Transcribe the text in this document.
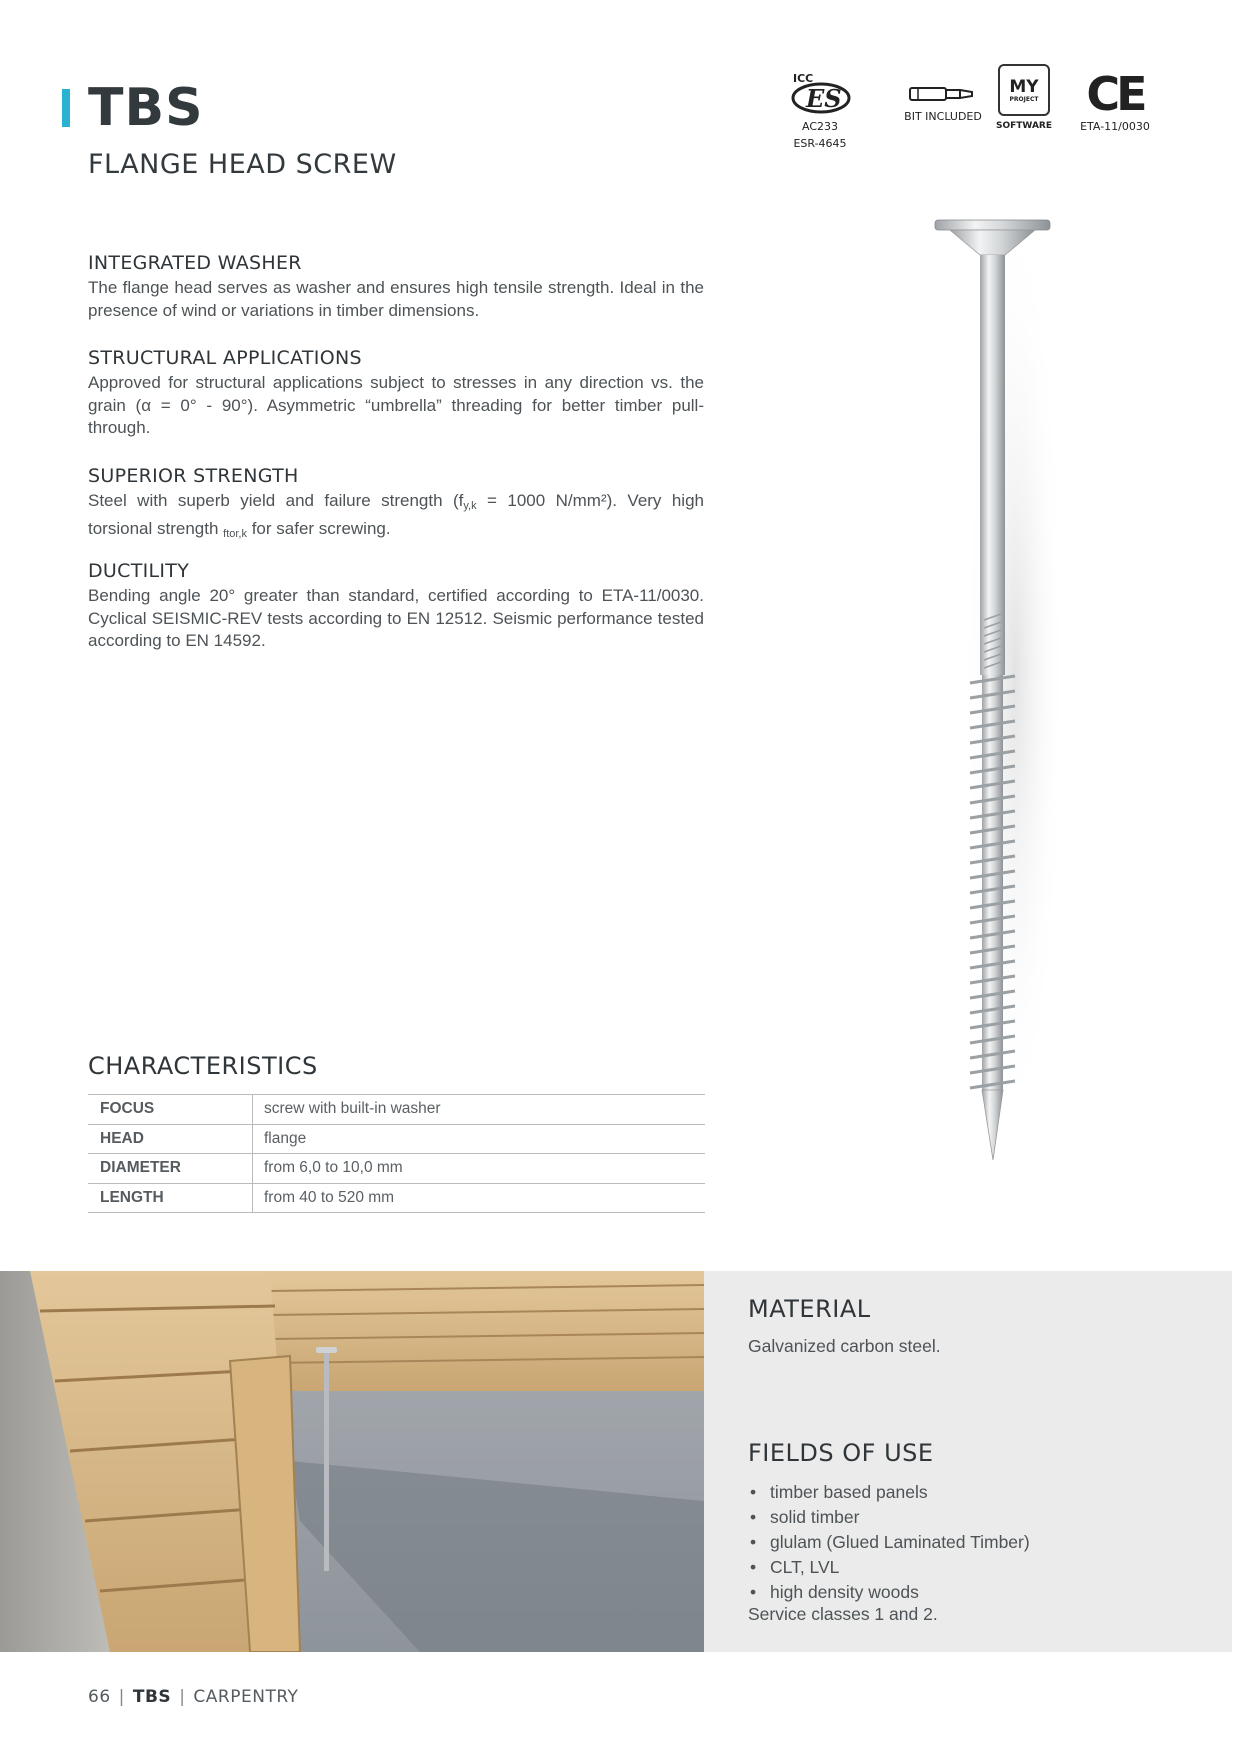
TBS
FLANGE HEAD SCREW
ICC
ES
AC233
ESR-4645
BIT INCLUDED
MY
PROJECT
SOFTWARE
CE
ETA-11/0030
INTEGRATED WASHER

The flange head serves as washer and ensures high tensile strength. Ideal in the presence of wind or variations in timber dimensions.

STRUCTURAL APPLICATIONS

Approved for structural applications subject to stresses in any direction vs. the grain (α = 0° - 90°). Asymmetric “umbrella” threading for better timber pull-through.

SUPERIOR STRENGTH

Steel with superb yield and failure strength ($f_{y,k} = 1000$ N/mm²). Very high torsional strength $_{ftor,k}$ for safer screwing.

DUCTILITY

Bending angle 20° greater than standard, certified according to ETA-11/0030. Cyclical SEISMIC-REV tests according to EN 12512. Seismic performance tested according to EN 14592.

CHARACTERISTICS
FOCUS	screw with built-in washer
HEAD	flange
DIAMETER	from 6,0 to 10,0 mm
LENGTH	from 40 to 520 mm
MATERIAL
Galvanized carbon steel.
FIELDS OF USE
• timber based panels
• solid timber
• glulam (Glued Laminated Timber)
• CLT, LVL
• high density woods
Service classes 1 and 2.
66 | TBS | CARPENTRY
